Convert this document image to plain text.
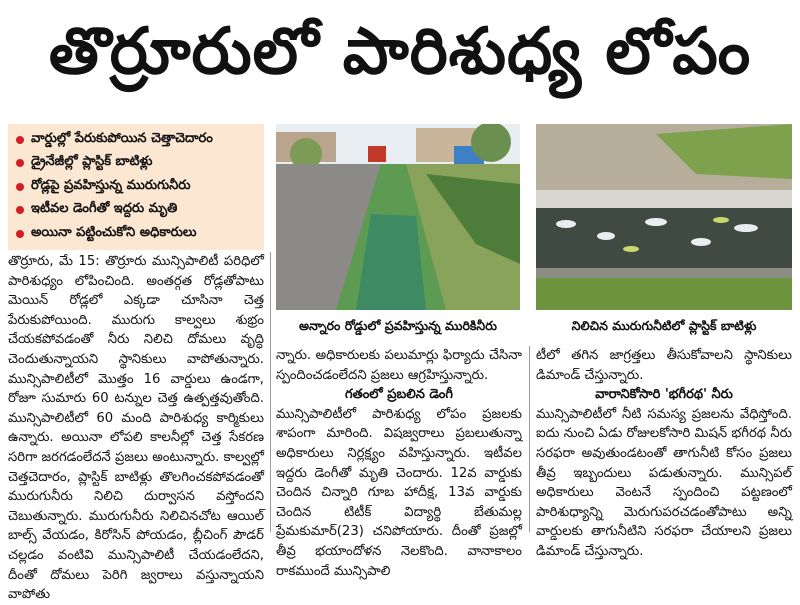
తొర్రూరులో పారిశుధ్య లోపం
వార్డుల్లో పేరుకుపోయిన చెత్తాచెదారం
డ్రైనేజీల్లో ప్లాస్టిక్ బాటిళ్లు
రోడ్లపై ప్రవహిస్తున్న మురుగునీరు
ఇటీవల డెంగీతో ఇద్దరు మృతి
అయినా పట్టించుకోని అధికారులు
అన్నారం రోడ్డులో ప్రవహిస్తున్న మురికినీరు	నిలిచిన మురుగునీటిలో ప్లాస్టిక్ బాటిళ్లు

తొర్రూరు, మే 15: తొర్రూరు మున్సిపాలిటీ పరిధిలో పారిశుధ్యం లోపించింది. అంతర్గత రోడ్లతోపాటు మెయిన్ రోడ్లలో ఎక్కడా చూసినా చెత్త పేరుకుపోయింది. మురుగు కాల్వలు శుభ్రం చేయకపోవడంతో నీరు నిలిచి దోమలు వృద్ధి చెందుతున్నాయని స్థానికులు వాపోతున్నారు. మున్సిపాలిటీలో మొత్తం 16 వార్డులు ఉండగా, రోజూ సుమారు 60 టన్నుల చెత్త ఉత్పత్తవుతోంది. మున్సిపాలిటీలో 60 మంది పారిశుధ్య కార్మికులు ఉన్నారు. అయినా లోపలి కాలనీల్లో చెత్త సేకరణ సరిగా జరగడంలేదనే ప్రజలు అంటున్నారు. కాల్వల్లో చెత్తచెదారం, ప్లాస్టిక్ బాటిళ్లు తొలగించకపోవడంతో మురుగునీరు నిలిచి దుర్వాసన వస్తోందని చెబుతున్నారు. మురుగునీరు నిలిచినచోట ఆయిల్ బాల్స్ వేయడం, కిరోసిన్ పోయడం, బ్లీచింగ్ పౌడర్ చల్లడం వంటివి మున్సిపాలిటీ చేయడంలేదని, దీంతో దోమలు పెరిగి జ్వరాలు వస్తున్నాయని వాపోతు

న్నారు. అధికారులకు పలుమార్లు ఫిర్యాదు చేసినా స్పందించడంలేదని ప్రజలు ఆగ్రహిస్తున్నారు.

గతంలో ప్రబలిన డెంగీ

మున్సిపాలిటీలో పారిశుధ్య లోపం ప్రజలకు శాపంగా మారింది. విషజ్వరాలు ప్రబలుతున్నా అధికారులు నిర్లక్ష్యం వహిస్తున్నారు. ఇటీవల ఇద్దరు డెంగీతో మృతి చెందారు. 12వ వార్డుకు చెందిన చిన్నారి గూబ హాదీక్ష, 13వ వార్డుకు చెందిన టిటీక్ విద్యార్థి బేతుమల్ల ప్రేమకుమార్(23) చనిపోయారు. దీంతో ప్రజల్లో తీవ్ర భయాందోళన నెలకొంది. వానాకాలం రాకముందే మున్సిపాలి

టీలో తగిన జాగ్రత్తలు తీసుకోవాలని స్థానికులు డిమాండ్ చేస్తున్నారు.

వారానికోసారి 'భగీరథ' నీరు

మున్సిపాలిటీలో నీటి సమస్య ప్రజలను వేధిస్తోంది. ఐదు నుంచి ఏడు రోజులకోసారి మిషన్ భగీరథ నీరు సరఫరా అవుతుండటంతో తాగునీటి కోసం ప్రజలు తీవ్ర ఇబ్బందులు పడుతున్నారు. మున్సిపల్ అధికారులు వెంటనే స్పందించి పట్టణంలో పారిశుధ్యాన్ని మెరుగుపరచడంతోపాటు అన్ని వార్డులకు తాగునీటిని సరఫరా చేయాలని ప్రజలు డిమాండ్ చేస్తున్నారు.
